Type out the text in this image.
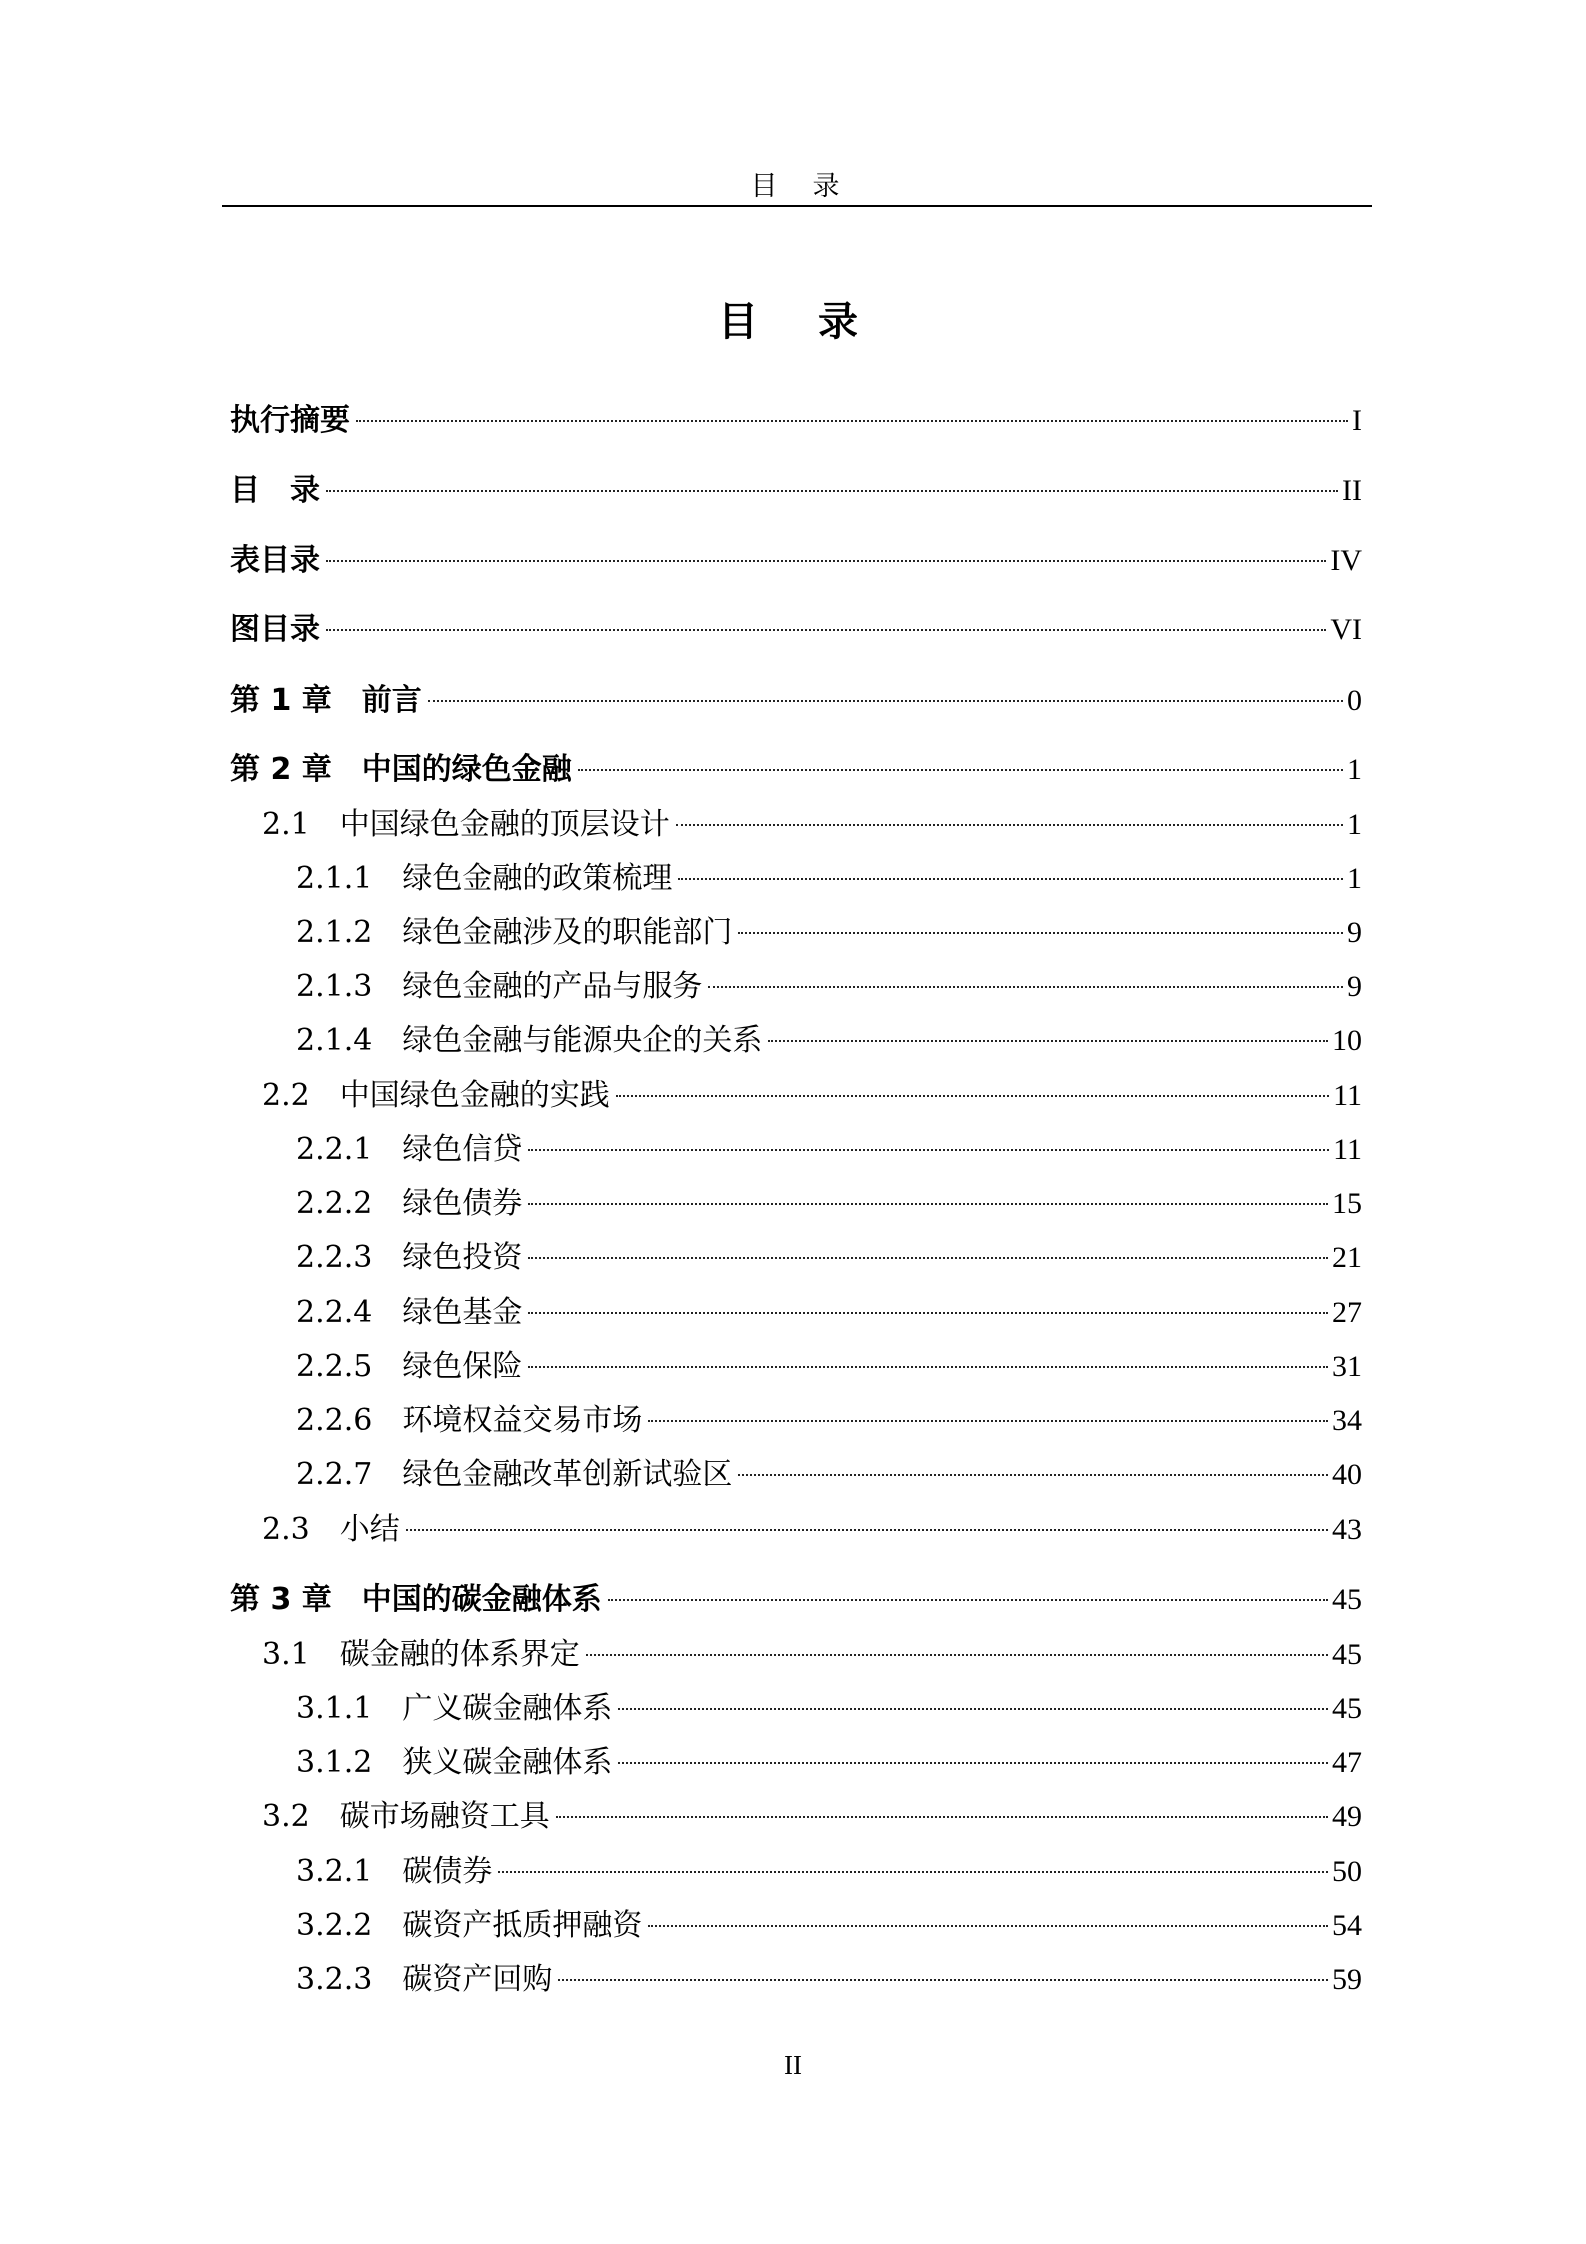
目　录
目　录
执行摘要	I
目　录	II
表目录	IV
图目录	VI
第 1 章　前言	0
第 2 章　中国的绿色金融	1
2.1　中国绿色金融的顶层设计	1
2.1.1　绿色金融的政策梳理	1
2.1.2　绿色金融涉及的职能部门	9
2.1.3　绿色金融的产品与服务	9
2.1.4　绿色金融与能源央企的关系	10
2.2　中国绿色金融的实践	11
2.2.1　绿色信贷	11
2.2.2　绿色债券	15
2.2.3　绿色投资	21
2.2.4　绿色基金	27
2.2.5　绿色保险	31
2.2.6　环境权益交易市场	34
2.2.7　绿色金融改革创新试验区	40
2.3　小结	43
第 3 章　中国的碳金融体系	45
3.1　碳金融的体系界定	45
3.1.1　广义碳金融体系	45
3.1.2　狭义碳金融体系	47
3.2　碳市场融资工具	49
3.2.1　碳债券	50
3.2.2　碳资产抵质押融资	54
3.2.3　碳资产回购	59
II
